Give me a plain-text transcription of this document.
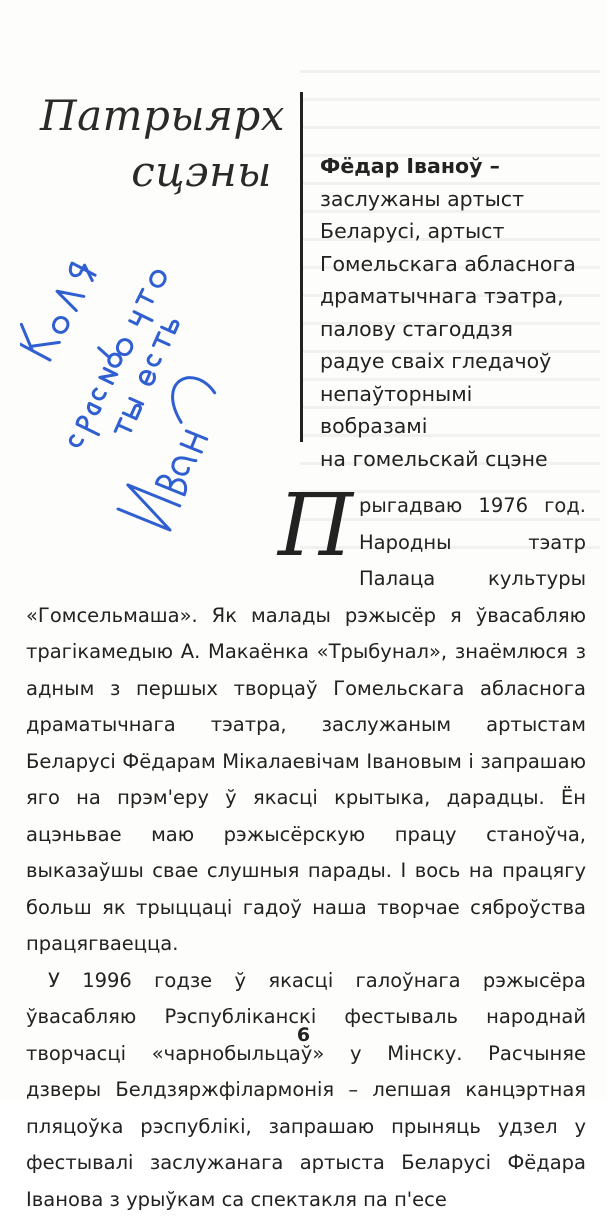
Патрыярх
сцэны Фёдар Іваноў –
заслужаны артыст
Беларусі, артыст
Гомельскага абласнога
драматычнага тэатра,
палову стагоддзя
радуе сваіх гледачоў
непаўторнымі
вобразамі
на гомельскай сцэне
П рыгадваю 1976 год. Народны тэатр Палаца культуры «Гомсельмаша». Як малады рэжысёр я ўвасабляю трагікамедыю А. Макаёнка «Трыбунал», знаёмлюся з адным з першых творцаў Гомельскага абласнога драматычнага тэатра, заслужаным артыстам Беларусі Фёдарам Мікалаевічам Івановым і запрашаю яго на прэм'еру ў якасці крытыка, дарадцы. Ён ацэньвае маю рэжысёрскую працу станоўча, выказаўшы свае слушныя парады. І вось на працягу больш як трыццаці гадоў наша творчае сяброўства працягваецца.

У 1996 годзе ў якасці галоўнага рэжысёра ўвасабляю Рэспубліканскі фестываль народнай творчасці «чарнобыльцаў» у Мінску. Расчыняе дзверы Белдзяржфілармонія – лепшая канцэртная пляцоўка рэспублікі, запрашаю прыняць удзел у фестывалі заслужанага артыста Беларусі Фёдара Іванова з урыўкам са спектакля па п'есе

6
